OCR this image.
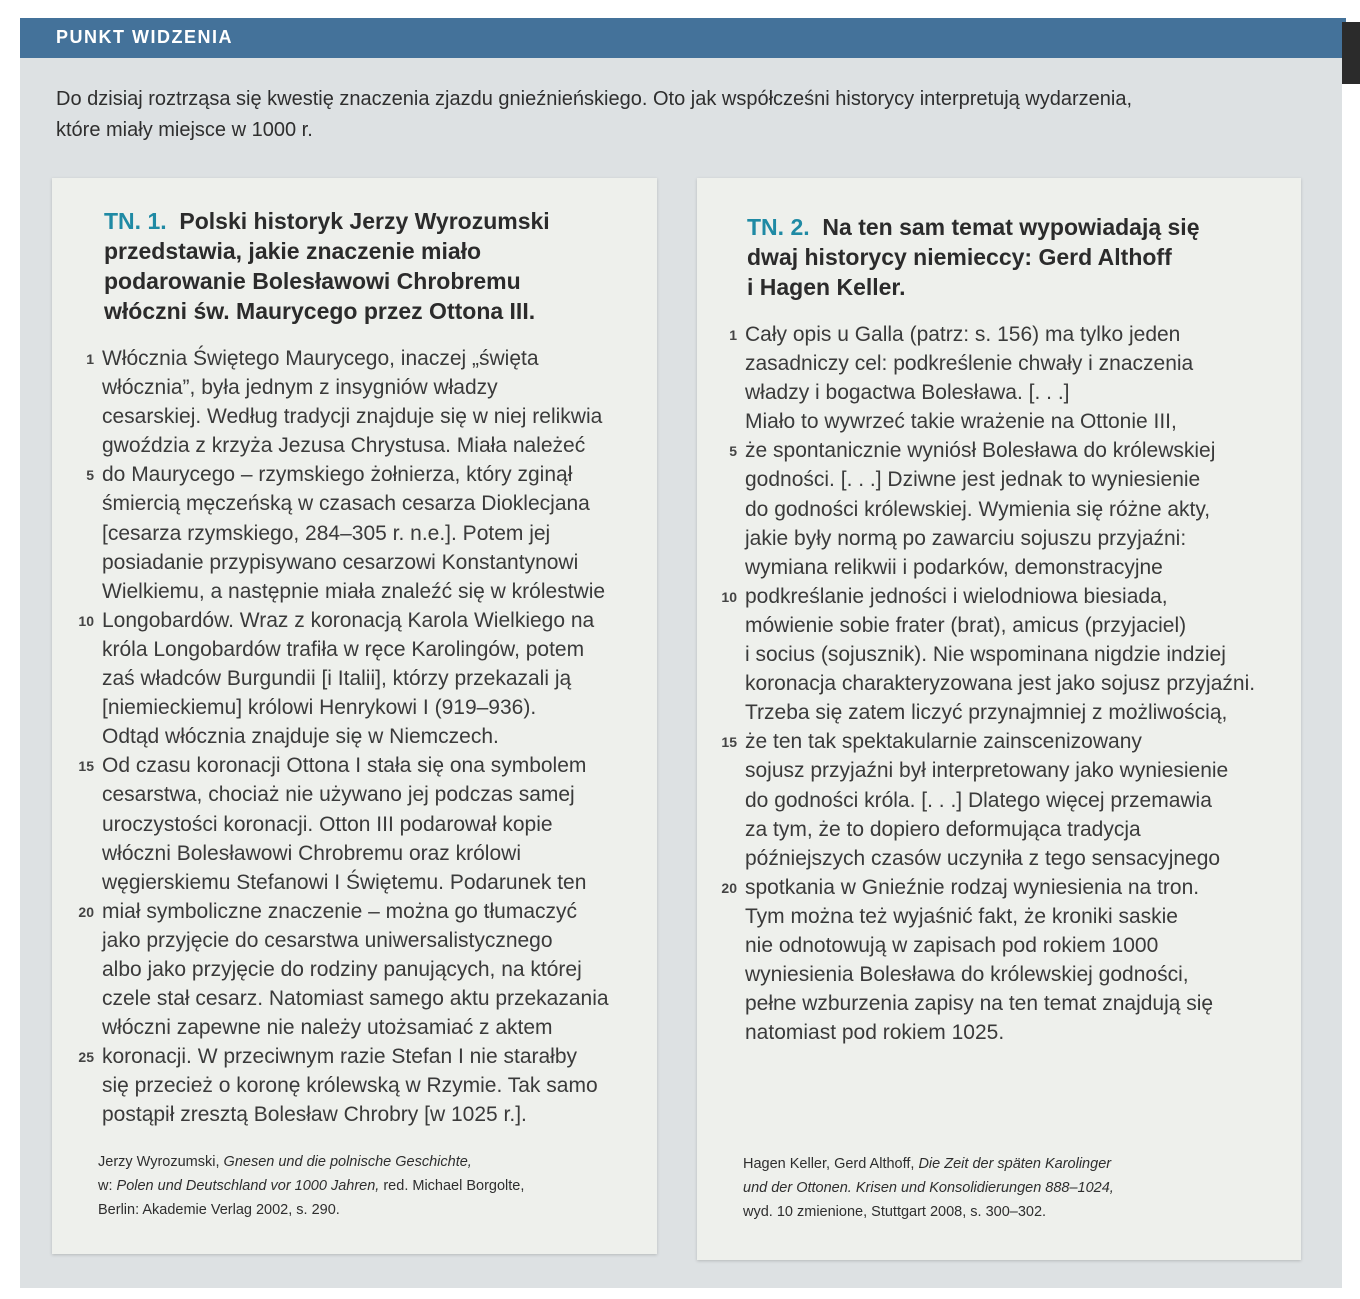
PUNKT WIDZENIA
Do dzisiaj roztrząsa się kwestię znaczenia zjazdu gnieźnieńskiego. Oto jak współcześni historycy interpretują wydarzenia,
które miały miejsce w 1000 r.
TN. 1. Polski historyk Jerzy Wyrozumski
przedstawia, jakie znaczenie miało
podarowanie Bolesławowi Chrobremu
włóczni św. Maurycego przez Ottona III.
1 Włócznia Świętego Maurycego, inaczej „święta
włócznia”, była jednym z insygniów władzy
cesarskiej. Według tradycji znajduje się w niej relikwia
gwoździa z krzyża Jezusa Chrystusa. Miała należeć
5 do Maurycego – rzymskiego żołnierza, który zginął
śmiercią męczeńską w czasach cesarza Dioklecjana
[cesarza rzymskiego, 284–305 r. n.e.]. Potem jej
posiadanie przypisywano cesarzowi Konstantynowi
Wielkiemu, a następnie miała znaleźć się w królestwie
10 Longobardów. Wraz z koronacją Karola Wielkiego na
króla Longobardów trafiła w ręce Karolingów, potem
zaś władców Burgundii [i Italii], którzy przekazali ją
[niemieckiemu] królowi Henrykowi I (919–936).
Odtąd włócznia znajduje się w Niemczech.
15 Od czasu koronacji Ottona I stała się ona symbolem
cesarstwa, chociaż nie używano jej podczas samej
uroczystości koronacji. Otton III podarował kopie
włóczni Bolesławowi Chrobremu oraz królowi
węgierskiemu Stefanowi I Świętemu. Podarunek ten
20 miał symboliczne znaczenie – można go tłumaczyć
jako przyjęcie do cesarstwa uniwersalistycznego
albo jako przyjęcie do rodziny panujących, na której
czele stał cesarz. Natomiast samego aktu przekazania
włóczni zapewne nie należy utożsamiać z aktem
25 koronacji. W przeciwnym razie Stefan I nie starałby
się przecież o koronę królewską w Rzymie. Tak samo
postąpił zresztą Bolesław Chrobry [w 1025 r.].
Jerzy Wyrozumski, Gnesen und die polnische Geschichte,
w: Polen und Deutschland vor 1000 Jahren, red. Michael Borgolte,
Berlin: Akademie Verlag 2002, s. 290.
TN. 2. Na ten sam temat wypowiadają się
dwaj historycy niemieccy: Gerd Althoff
i Hagen Keller.
1 Cały opis u Galla (patrz: s. 156) ma tylko jeden
zasadniczy cel: podkreślenie chwały i znaczenia
władzy i bogactwa Bolesława. [. . .]
Miało to wywrzeć takie wrażenie na Ottonie III,
5 że spontanicznie wyniósł Bolesława do królewskiej
godności. [. . .] Dziwne jest jednak to wyniesienie
do godności królewskiej. Wymienia się różne akty,
jakie były normą po zawarciu sojuszu przyjaźni:
wymiana relikwii i podarków, demonstracyjne
10 podkreślanie jedności i wielodniowa biesiada,
mówienie sobie frater (brat), amicus (przyjaciel)
i socius (sojusznik). Nie wspominana nigdzie indziej
koronacja charakteryzowana jest jako sojusz przyjaźni.
Trzeba się zatem liczyć przynajmniej z możliwością,
15 że ten tak spektakularnie zainscenizowany
sojusz przyjaźni był interpretowany jako wyniesienie
do godności króla. [. . .] Dlatego więcej przemawia
za tym, że to dopiero deformująca tradycja
późniejszych czasów uczyniła z tego sensacyjnego
20 spotkania w Gnieźnie rodzaj wyniesienia na tron.
Tym można też wyjaśnić fakt, że kroniki saskie
nie odnotowują w zapisach pod rokiem 1000
wyniesienia Bolesława do królewskiej godności,
pełne wzburzenia zapisy na ten temat znajdują się
natomiast pod rokiem 1025.
Hagen Keller, Gerd Althoff, Die Zeit der späten Karolinger
und der Ottonen. Krisen und Konsolidierungen 888–1024,
wyd. 10 zmienione, Stuttgart 2008, s. 300–302.
